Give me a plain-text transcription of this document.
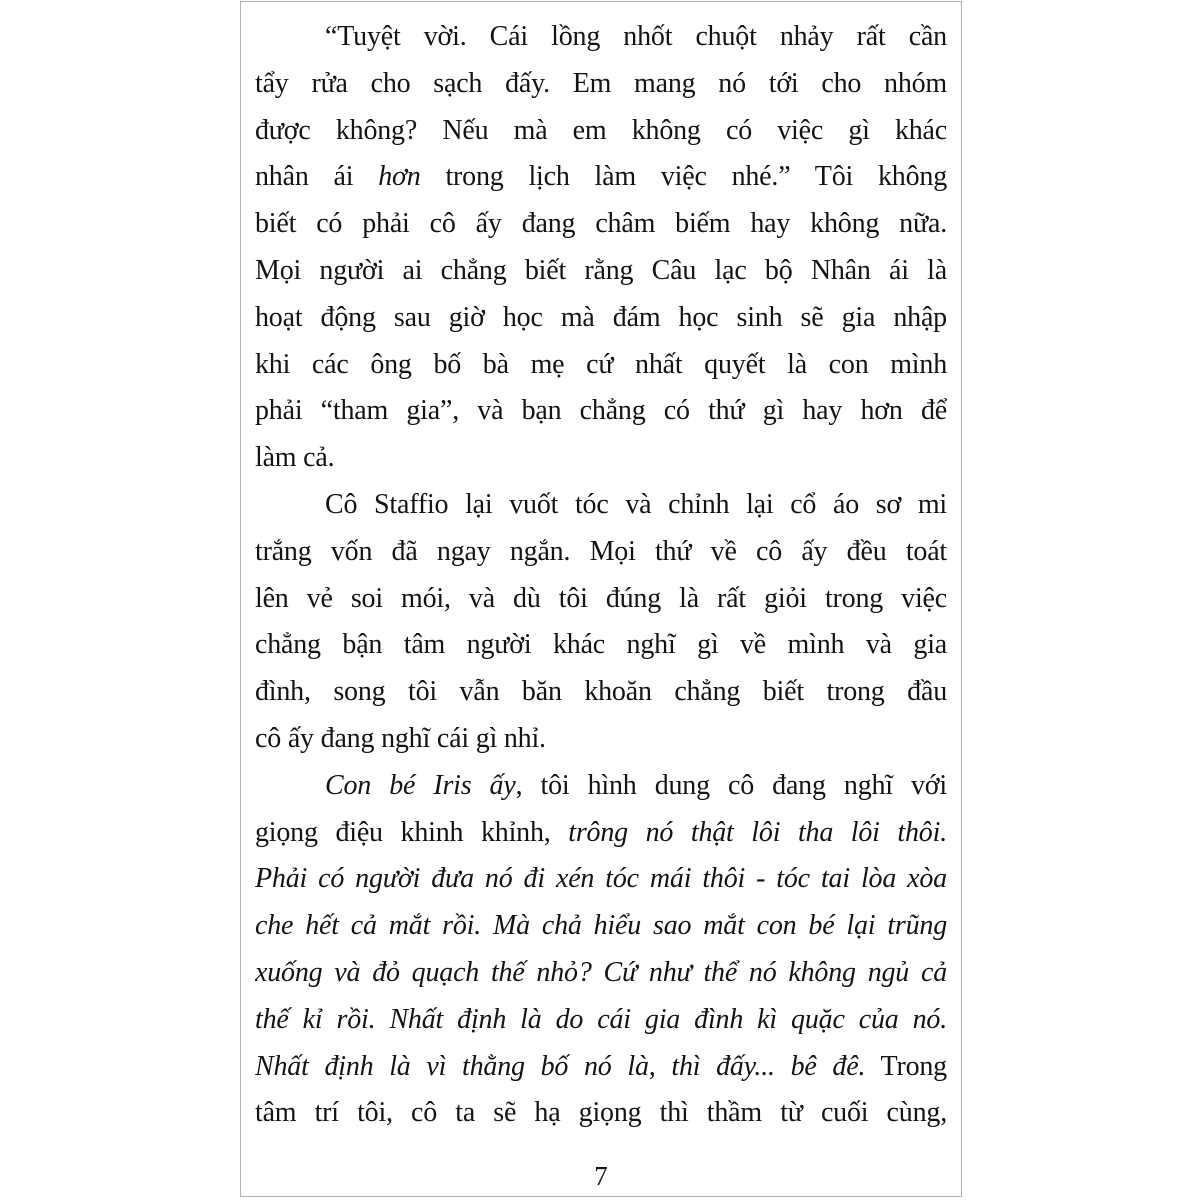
“Tuyệt vời. Cái lồng nhốt chuột nhảy rất cần
tẩy rửa cho sạch đấy. Em mang nó tới cho nhóm
được không? Nếu mà em không có việc gì khác
nhân ái hơn trong lịch làm việc nhé.” Tôi không
biết có phải cô ấy đang châm biếm hay không nữa.
Mọi người ai chẳng biết rằng Câu lạc bộ Nhân ái là
hoạt động sau giờ học mà đám học sinh sẽ gia nhập
khi các ông bố bà mẹ cứ nhất quyết là con mình
phải “tham gia”, và bạn chẳng có thứ gì hay hơn để
làm cả.
Cô Staffio lại vuốt tóc và chỉnh lại cổ áo sơ mi
trắng vốn đã ngay ngắn. Mọi thứ về cô ấy đều toát
lên vẻ soi mói, và dù tôi đúng là rất giỏi trong việc
chẳng bận tâm người khác nghĩ gì về mình và gia
đình, song tôi vẫn băn khoăn chẳng biết trong đầu
cô ấy đang nghĩ cái gì nhỉ.
Con bé Iris ấy, tôi hình dung cô đang nghĩ với
giọng điệu khinh khỉnh, trông nó thật lôi tha lôi thôi.
Phải có người đưa nó đi xén tóc mái thôi - tóc tai lòa xòa
che hết cả mắt rồi. Mà chả hiểu sao mắt con bé lại trũng
xuống và đỏ quạch thế nhỏ? Cứ như thể nó không ngủ cả
thế kỉ rồi. Nhất định là do cái gia đình kì quặc của nó.
Nhất định là vì thằng bố nó là, thì đấy... bê đê. Trong
tâm trí tôi, cô ta sẽ hạ giọng thì thầm từ cuối cùng,
7
